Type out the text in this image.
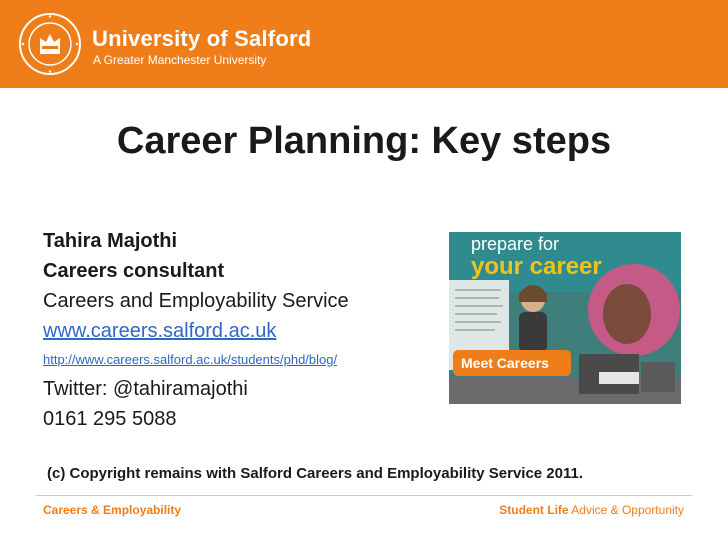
University of Salford
A Greater Manchester University
Career Planning: Key steps
Tahira Majothi
Careers consultant
Careers and Employability Service
www.careers.salford.ac.uk
http://www.careers.salford.ac.uk/students/phd/blog/
Twitter: @tahiramajothi
0161 295 5088
prepare for
your career
Meet Careers
(c) Copyright remains with Salford Careers and Employability Service 2011.
Careers & Employability	Student Life Advice & Opportunity
